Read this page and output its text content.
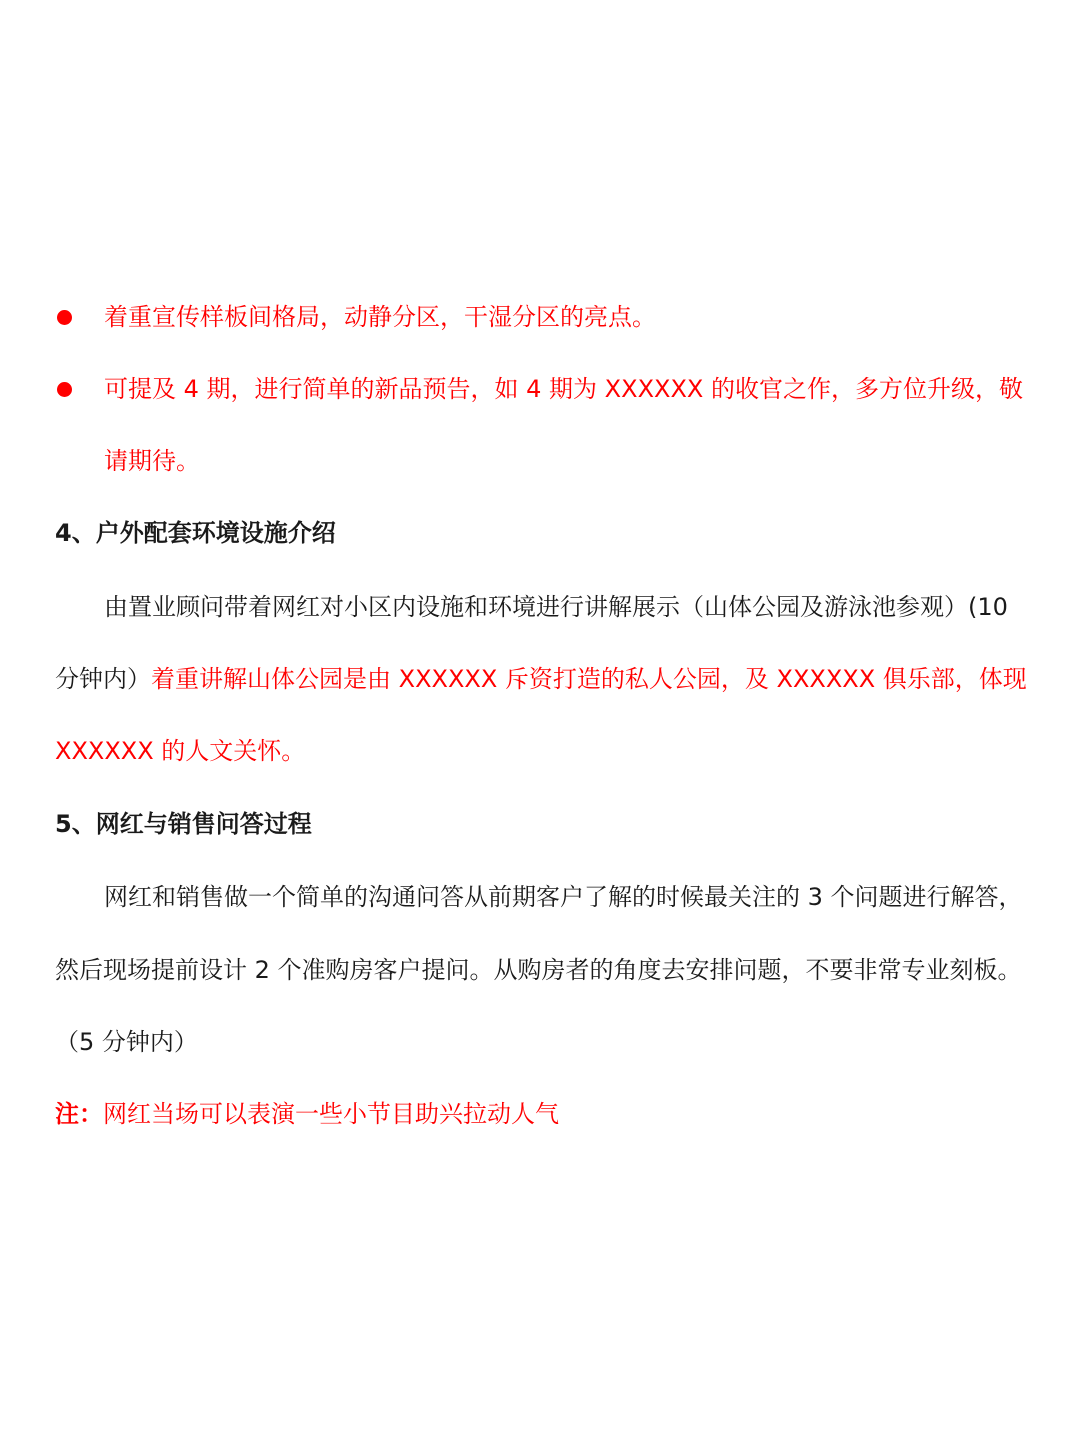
着重宣传样板间格局，动静分区，干湿分区的亮点。
可提及 4 期，进行简单的新品预告，如 4 期为 XXXXXX 的收官之作，多方位升级，敬
请期待。
4、户外配套环境设施介绍
由置业顾问带着网红对小区内设施和环境进行讲解展示（山体公园及游泳池参观）(10
分钟内）着重讲解山体公园是由 XXXXXX 斥资打造的私人公园，及 XXXXXX 俱乐部，体现
XXXXXX 的人文关怀。
5、网红与销售问答过程
网红和销售做一个简单的沟通问答从前期客户了解的时候最关注的 3 个问题进行解答，
然后现场提前设计 2 个准购房客户提问。从购房者的角度去安排问题，不要非常专业刻板。
（5 分钟内）
注：网红当场可以表演一些小节目助兴拉动人气
